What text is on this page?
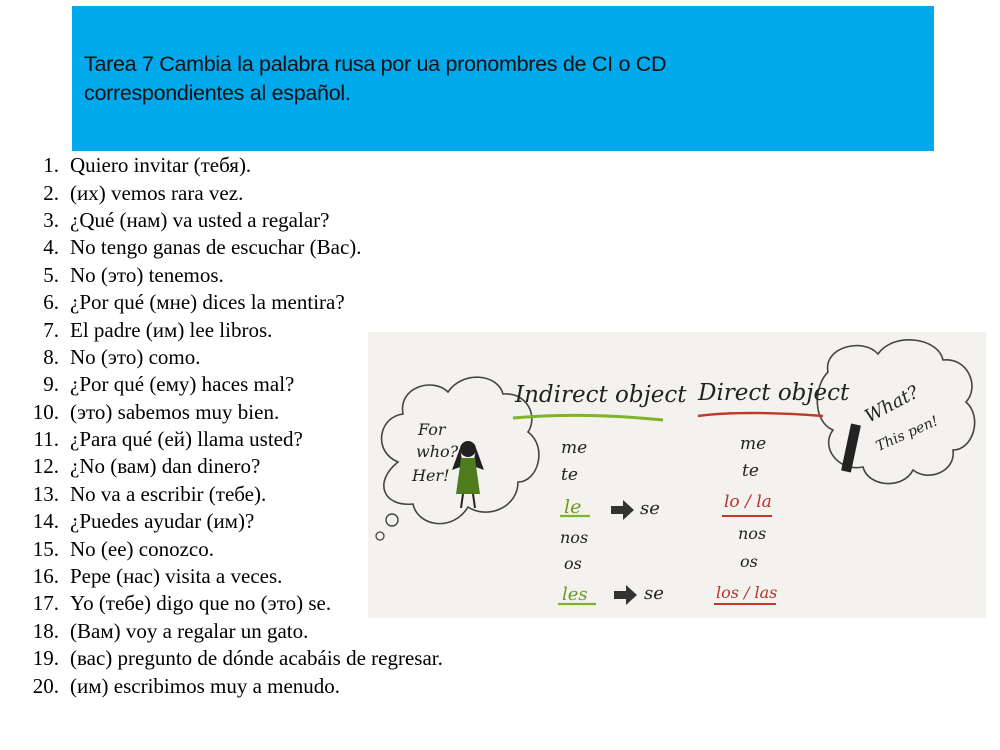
Tarea 7 Cambia la palabra rusa por ua pronombres de CI o CD
correspondientes al español.
1. Quiero invitar (тебя).
2. (их) vemos rara vez.
3. ¿Qué (нам) va usted a regalar?
4. No tengo ganas de escuchar (Вас).
5. No (это) tenemos.
6. ¿Por qué (мне) dices la mentira?
7. El padre (им) lee libros.
8. No (это) como.
9. ¿Por qué (ему) haces mal?
10. (это) sabemos muy bien.
11. ¿Para qué (ей) llama usted?
12. ¿No (вам) dan dinero?
13. No va a escribir (тебе).
14. ¿Puedes ayudar (им)?
15. No (ее) conozco.
16. Pepe (нас) visita a veces.
17. Yo (тебе) digo que no (это) se.
18. (Вам) voy a regalar un gato.
19. (вас) pregunto de dónde acabáis de regresar.
20. (им) escribimos muy a menudo.
Indirect object Direct object
For
who?
Her!
What?
This pen!
me
te
le
nos
os
les
se
se
me
te
lo / la
nos
os
los / las
